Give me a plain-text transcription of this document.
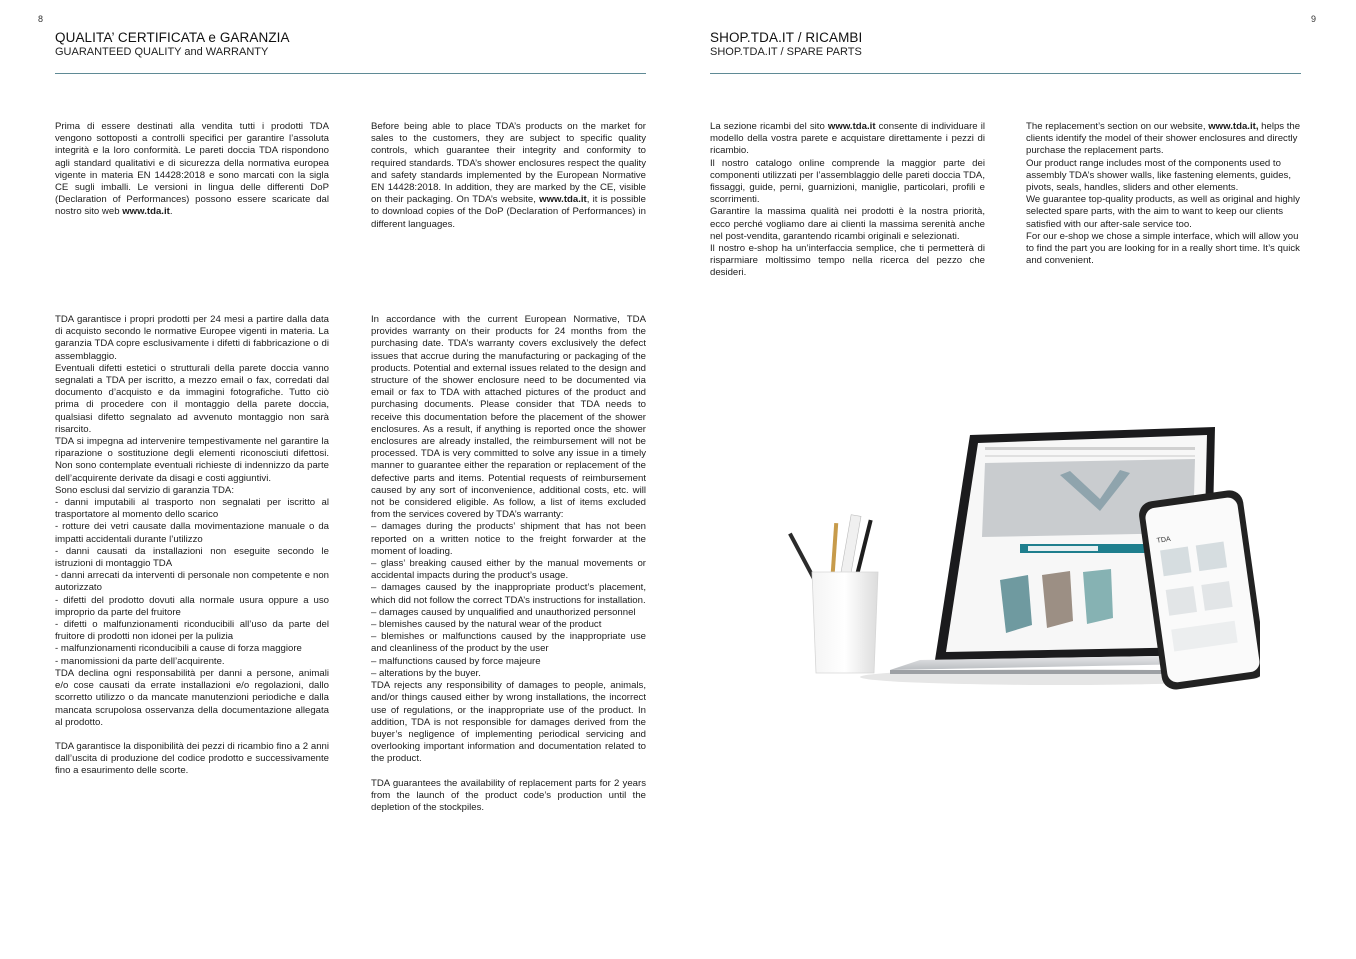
8
QUALITA’ CERTIFICATA e GARANZIA
GUARANTEED QUALITY and WARRANTY

Prima di essere destinati alla vendita tutti i prodotti TDA vengono sottoposti a controlli specifici per garantire l’assoluta integrità e la loro conformità. Le pareti doccia TDA rispondono agli standard qualitativi e di sicurezza della normativa europea vigente in materia EN 14428:2018 e sono marcati con la sigla CE sugli imballi. Le versioni in lingua delle differenti DoP (Declaration of Performances) possono essere scaricate dal nostro sito web www.tda.it.

Before being able to place TDA’s products on the market for sales to the customers, they are subject to specific quality controls, which guarantee their integrity and conformity to required standards. TDA’s shower enclosures respect the quality and safety standards implemented by the European Normative EN 14428:2018. In addition, they are marked by the CE, visible on their packaging. On TDA’s website, www.tda.it, it is possible to download copies of the DoP (Declaration of Performances) in different languages.

TDA garantisce i propri prodotti per 24 mesi a partire dalla data di acquisto secondo le normative Europee vigenti in materia. La garanzia TDA copre esclusivamente i difetti di fabbricazione o di assemblaggio.

Eventuali difetti estetici o strutturali della parete doccia vanno segnalati a TDA per iscritto, a mezzo email o fax, corredati dal documento d’acquisto e da immagini fotografiche. Tutto ciò prima di procedere con il montaggio della parete doccia, qualsiasi difetto segnalato ad avvenuto montaggio non sarà risarcito.

TDA si impegna ad intervenire tempestivamente nel garantire la riparazione o sostituzione degli elementi riconosciuti difettosi. Non sono contemplate eventuali richieste di indennizzo da parte dell’acquirente derivate da disagi e costi aggiuntivi.

Sono esclusi dal servizio di garanzia TDA:

- danni imputabili al trasporto non segnalati per iscritto al trasportatore al momento dello scarico

- rotture dei vetri causate dalla movimentazione manuale o da impatti accidentali durante l’utilizzo

- danni causati da installazioni non eseguite secondo le istruzioni di montaggio TDA

- danni arrecati da interventi di personale non competente e non autorizzato

- difetti del prodotto dovuti alla normale usura oppure a uso improprio da parte del fruitore

- difetti o malfunzionamenti riconducibili all’uso da parte del fruitore di prodotti non idonei per la pulizia

- malfunzionamenti riconducibili a cause di forza maggiore

- manomissioni da parte dell’acquirente.

TDA declina ogni responsabilità per danni a persone, animali e/o cose causati da errate installazioni e/o regolazioni, dallo scorretto utilizzo o da mancate manutenzioni periodiche e dalla mancata scrupolosa osservanza della documentazione allegata al prodotto.

TDA garantisce la disponibilità dei pezzi di ricambio fino a 2 anni dall’uscita di produzione del codice prodotto e successivamente fino a esaurimento delle scorte.

In accordance with the current European Normative, TDA provides warranty on their products for 24 months from the purchasing date. TDA’s warranty covers exclusively the defect issues that accrue during the manufacturing or packaging of the products. Potential and external issues related to the design and structure of the shower enclosure need to be documented via email or fax to TDA with attached pictures of the product and purchasing documents. Please consider that TDA needs to receive this documentation before the placement of the shower enclosures. As a result, if anything is reported once the shower enclosures are already installed, the reimbursement will not be processed. TDA is very committed to solve any issue in a timely manner to guarantee either the reparation or replacement of the defective parts and items. Potential requests of reimbursement caused by any sort of inconvenience, additional costs, etc. will not be considered eligible. As follow, a list of items excluded from the services covered by TDA’s warranty:

– damages during the products’ shipment that has not been reported on a written notice to the freight forwarder at the moment of loading.

– glass’ breaking caused either by the manual movements or accidental impacts during the product’s usage.

– damages caused by the inappropriate product’s placement, which did not follow the correct TDA’s instructions for installation.

– damages caused by unqualified and unauthorized personnel

– blemishes caused by the natural wear of the product

– blemishes or malfunctions caused by the inappropriate use and cleanliness of the product by the user

– malfunctions caused by force majeure

– alterations by the buyer.

TDA rejects any responsibility of damages to people, animals, and/or things caused either by wrong installations, the incorrect use of regulations, or the inappropriate use of the product. In addition, TDA is not responsible for damages derived from the buyer’s negligence of implementing periodical servicing and overlooking important information and documentation related to the product.

TDA guarantees the availability of replacement parts for 2 years from the launch of the product code’s production until the depletion of the stockpiles.

9
SHOP.TDA.IT / RICAMBI
SHOP.TDA.IT / SPARE PARTS

La sezione ricambi del sito www.tda.it consente di individuare il modello della vostra parete e acquistare direttamente i pezzi di ricambio.

Il nostro catalogo online comprende la maggior parte dei componenti utilizzati per l’assemblaggio delle pareti doccia TDA, fissaggi, guide, perni, guarnizioni, maniglie, particolari, profili e scorrimenti.

Garantire la massima qualità nei prodotti è la nostra priorità, ecco perché vogliamo dare ai clienti la massima serenità anche nel post-vendita, garantendo ricambi originali e selezionati.

Il nostro e-shop ha un’interfaccia semplice, che ti permetterà di risparmiare moltissimo tempo nella ricerca del pezzo che desideri.

The replacement’s section on our website, www.tda.it, helps the clients identify the model of their shower enclosures and directly purchase the replacement parts.

Our product range includes most of the components used to assembly TDA’s shower walls, like fastening elements, guides, pivots, seals, handles, sliders and other elements.

We guarantee top-quality products, as well as original and highly selected spare parts, with the aim to want to keep our clients satisfied with our after-sale service too.

For our e-shop we chose a simple interface, which will allow you to find the part you are looking for in a really short time. It’s quick and convenient.

TDA
